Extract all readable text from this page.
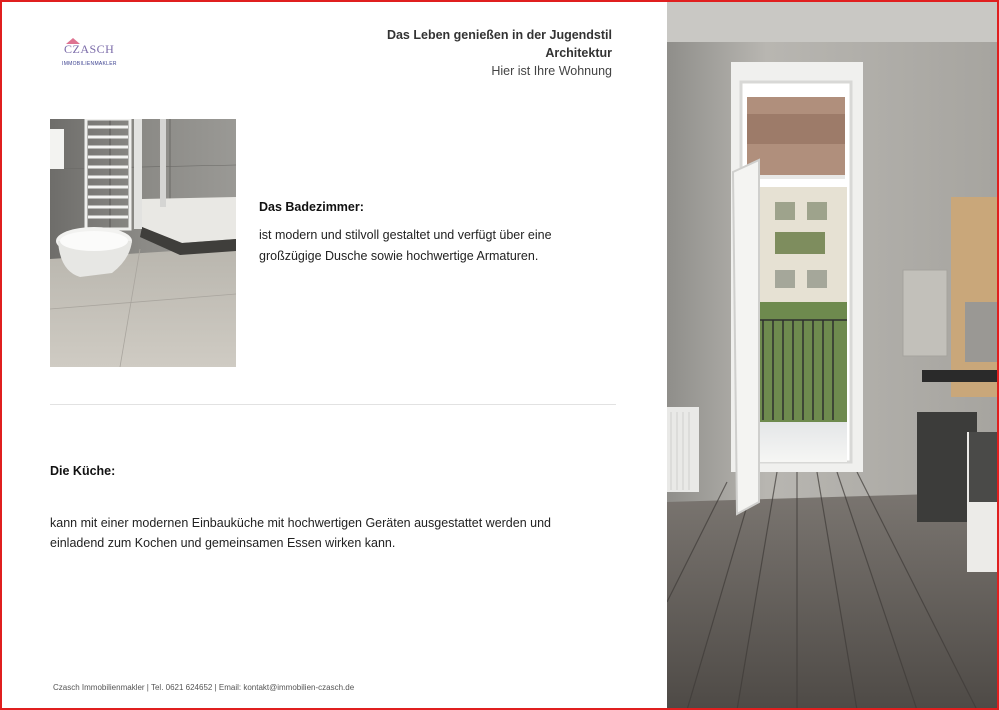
CZASCH
IMMOBILIENMAKLER
Das Leben genießen in der Jugendstil
Architektur
Hier ist Ihre Wohnung
Das Badezimmer:
ist modern und stilvoll gestaltet und verfügt über eine
großzügige Dusche sowie hochwertige Armaturen.
Die Küche:
kann mit einer modernen Einbauküche mit hochwertigen Geräten ausgestattet werden und
einladend zum Kochen und gemeinsamen Essen wirken kann.
Czasch Immobilienmakler | Tel. 0621 624652 | Email: kontakt@immobilien-czasch.de
